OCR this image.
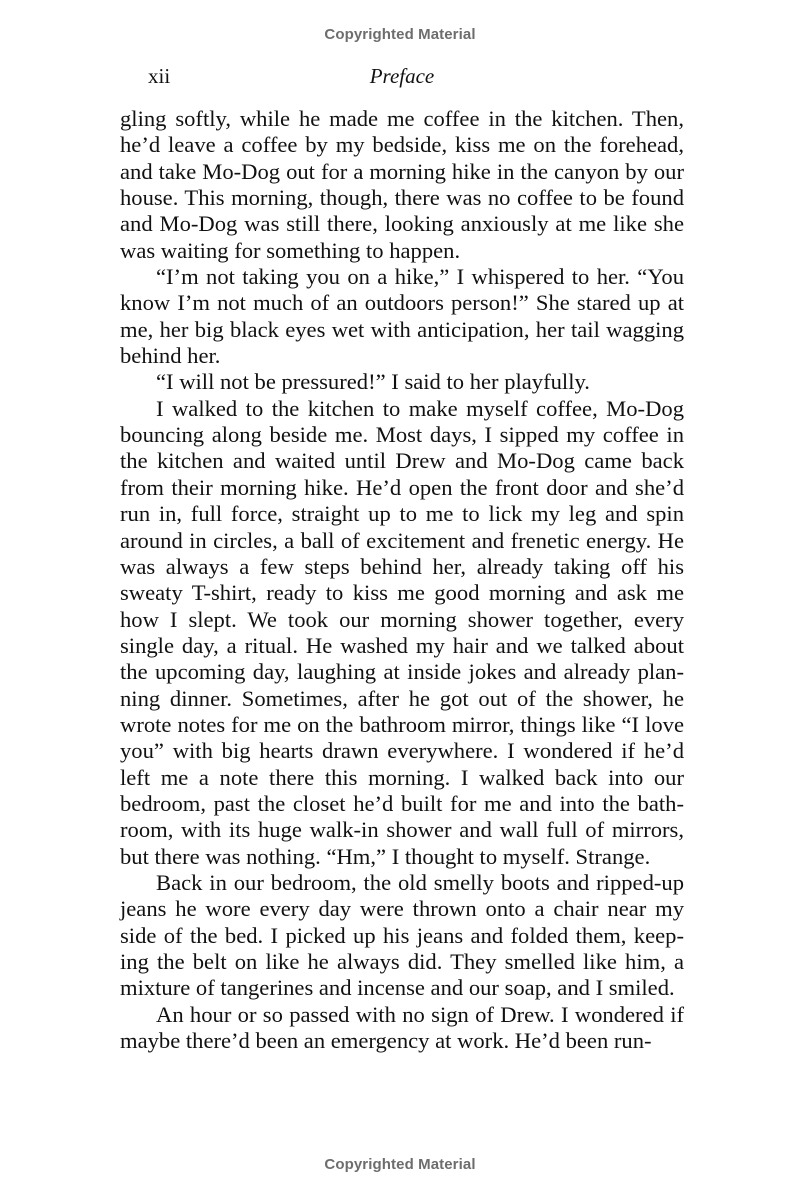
Copyrighted Material
Preface
xii

gling softly, while he made me coffee in the kitchen. Then, he’d leave a coffee by my bedside, kiss me on the forehead, and take Mo-Dog out for a morning hike in the canyon by our house. This morning, though, there was no coffee to be found and Mo-Dog was still there, looking anxiously at me like she was waiting for something to happen.

“I’m not taking you on a hike,” I whispered to her. “You know I’m not much of an outdoors person!” She stared up at me, her big black eyes wet with anticipation, her tail wagging behind her.

“I will not be pressured!” I said to her playfully.

I walked to the kitchen to make myself coffee, Mo-Dog bouncing along beside me. Most days, I sipped my coffee in the kitchen and waited until Drew and Mo-Dog came back from their morning hike. He’d open the front door and she’d run in, full force, straight up to me to lick my leg and spin around in circles, a ball of excitement and frenetic energy. He was always a few steps behind her, already taking off his sweaty T-shirt, ready to kiss me good morning and ask me how I slept. We took our morning shower together, every single day, a ritual. He washed my hair and we talked about the upcoming day, laughing at inside jokes and already planning dinner. Sometimes, after he got out of the shower, he wrote notes for me on the bathroom mirror, things like “I love you” with big hearts drawn everywhere. I wondered if he’d left me a note there this morning. I walked back into our bedroom, past the closet he’d built for me and into the bathroom, with its huge walk-in shower and wall full of mirrors, but there was nothing. “Hm,” I thought to myself. Strange.

Back in our bedroom, the old smelly boots and ripped-up jeans he wore every day were thrown onto a chair near my side of the bed. I picked up his jeans and folded them, keeping the belt on like he always did. They smelled like him, a mixture of tangerines and incense and our soap, and I smiled.

An hour or so passed with no sign of Drew. I wondered if maybe there’d been an emergency at work. He’d been run-

Copyrighted Material
